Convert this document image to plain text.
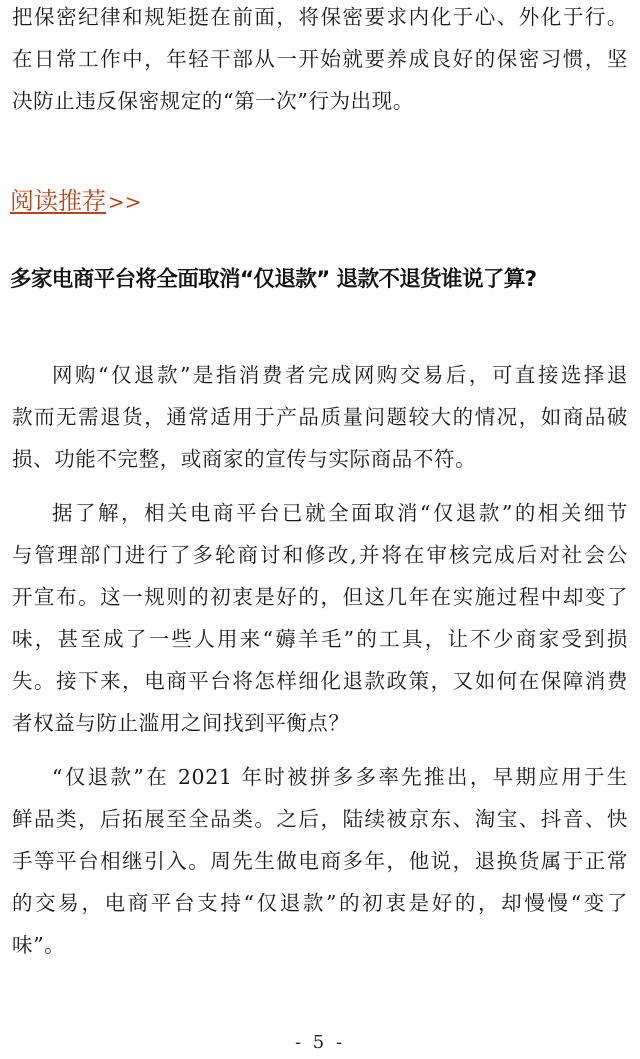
把保密纪律和规矩挺在前面，将保密要求内化于心、外化于行。
在日常工作中，年轻干部从一开始就要养成良好的保密习惯，坚
决防止违反保密规定的“第一次”行为出现。
阅读推荐 >>
多家电商平台将全面取消“仅退款” 退款不退货谁说了算?
网购“仅退款”是指消费者完成网购交易后，可直接选择退
款而无需退货，通常适用于产品质量问题较大的情况，如商品破
损、功能不完整，或商家的宣传与实际商品不符。
据了解，相关电商平台已就全面取消“仅退款”的相关细节
与管理部门进行了多轮商讨和修改,并将在审核完成后对社会公
开宣布。这一规则的初衷是好的，但这几年在实施过程中却变了
味，甚至成了一些人用来“薅羊毛”的工具，让不少商家受到损
失。接下来，电商平台将怎样细化退款政策，又如何在保障消费
者权益与防止滥用之间找到平衡点？
“仅退款”在 2021 年时被拼多多率先推出，早期应用于生
鲜品类，后拓展至全品类。之后，陆续被京东、淘宝、抖音、快
手等平台相继引入。周先生做电商多年，他说，退换货属于正常
的交易，电商平台支持“仅退款”的初衷是好的，却慢慢“变了
味”。
- 5 -
